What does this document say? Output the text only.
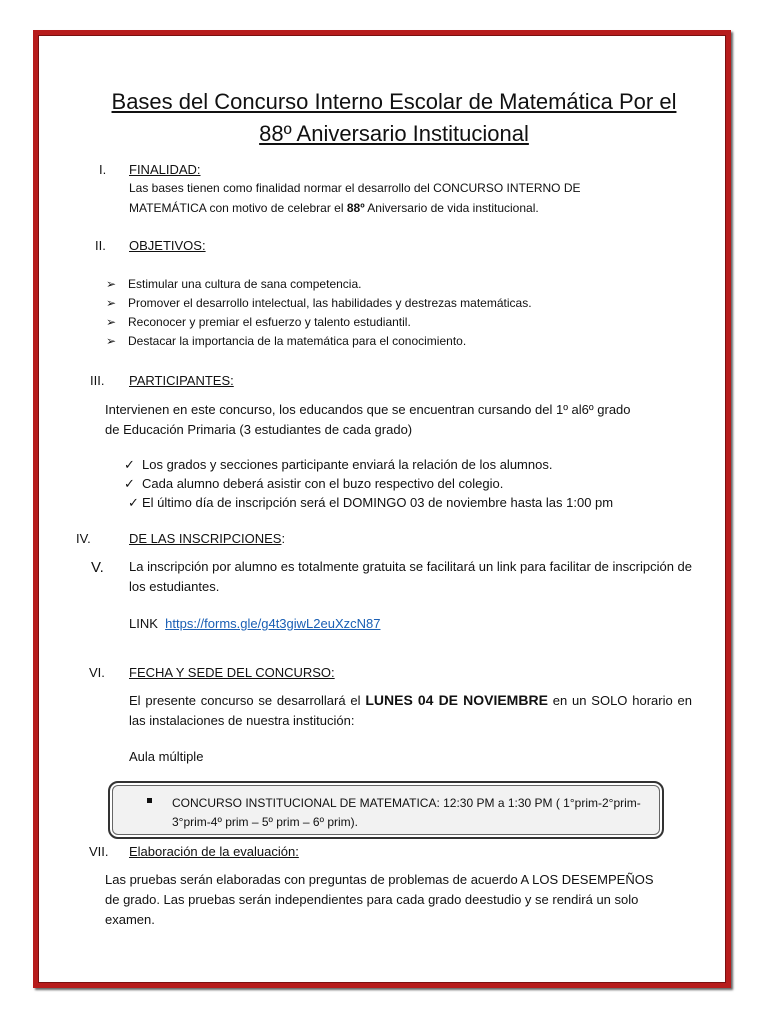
Bases del Concurso Interno Escolar de Matemática Por el
88º Aniversario Institucional
I. FINALIDAD:
Las bases tienen como finalidad normar el desarrollo del CONCURSO INTERNO DE
MATEMÁTICA con motivo de celebrar el 88º Aniversario de vida institucional.
II. OBJETIVOS:
➢ Estimular una cultura de sana competencia.
➢ Promover el desarrollo intelectual, las habilidades y destrezas matemáticas.
➢ Reconocer y premiar el esfuerzo y talento estudiantil.
➢ Destacar la importancia de la matemática para el conocimiento.
III. PARTICIPANTES:
Intervienen en este concurso, los educandos que se encuentran cursando del 1º al6º grado
de Educación Primaria (3 estudiantes de cada grado)
✓ Los grados y secciones participante enviará la relación de los alumnos.
✓ Cada alumno deberá asistir con el buzo respectivo del colegio.
✓ El último día de inscripción será el DOMINGO 03 de noviembre hasta las 1:00 pm
IV.	DE LAS INSCRIPCIONES:
V. La inscripción por alumno es totalmente gratuita se facilitará un link para facilitar de inscripción de los estudiantes.
LINK https://forms.gle/g4t3giwL2euXzcN87
VI. FECHA Y SEDE DEL CONCURSO:
El presente concurso se desarrollará el LUNES 04 DE NOVIEMBRE en un SOLO horario en las instalaciones de nuestra institución:
Aula múltiple
CONCURSO INSTITUCIONAL DE MATEMATICA: 12:30 PM a 1:30 PM ( 1°prim-2°prim-
3°prim-4º prim – 5º prim – 6º prim).
VII. Elaboración de la evaluación:
Las pruebas serán elaboradas con preguntas de problemas de acuerdo A LOS DESEMPEÑOS
de grado. Las pruebas serán independientes para cada grado deestudio y se rendirá un solo
examen.
